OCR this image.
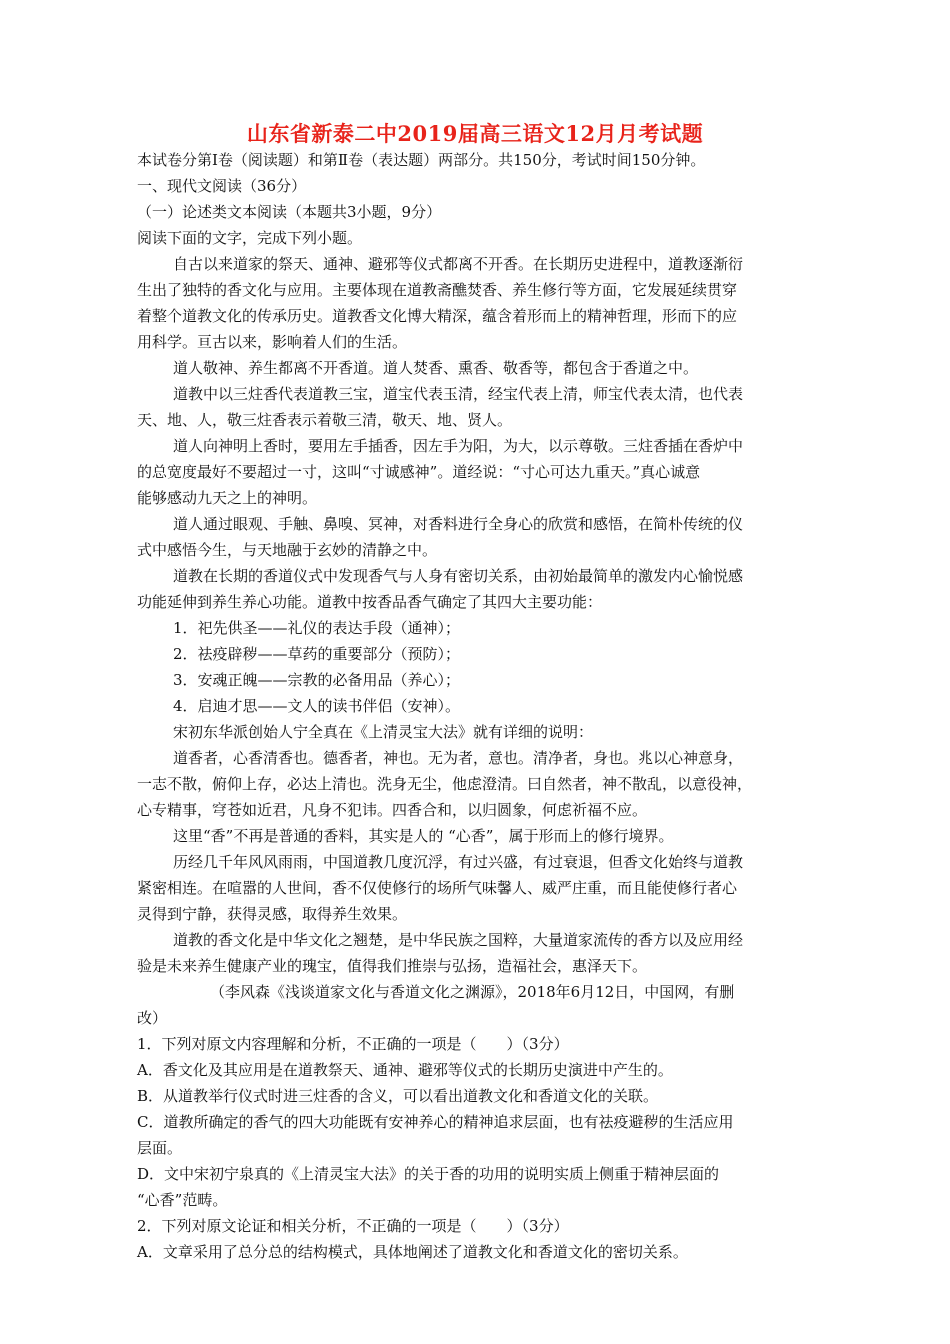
山东省新泰二中2019届高三语文12月月考试题
本试卷分第Ⅰ卷（阅读题）和第Ⅱ卷（表达题）两部分。共150分，考试时间150分钟。
一、现代文阅读（36分）
（一）论述类文本阅读（本题共3小题，9分）
阅读下面的文字，完成下列小题。
自古以来道家的祭天、通神、避邪等仪式都离不开香。在长期历史进程中，道教逐渐衍
生出了独特的香文化与应用。主要体现在道教斋醮焚香、养生修行等方面，它发展延续贯穿
着整个道教文化的传承历史。道教香文化博大精深，蕴含着形而上的精神哲理，形而下的应
用科学。亘古以来，影响着人们的生活。
道人敬神、养生都离不开香道。道人焚香、熏香、敬香等，都包含于香道之中。
道教中以三炷香代表道教三宝，道宝代表玉清，经宝代表上清，师宝代表太清，也代表
天、地、人，敬三炷香表示着敬三清，敬天、地、贤人。
道人向神明上香时，要用左手插香，因左手为阳，为大，以示尊敬。三炷香插在香炉中
的总宽度最好不要超过一寸，这叫“寸诚感神”。道经说：“寸心可达九重天。”真心诚意
能够感动九天之上的神明。
道人通过眼观、手触、鼻嗅、冥神，对香料进行全身心的欣赏和感悟，在简朴传统的仪
式中感悟今生，与天地融于玄妙的清静之中。
道教在长期的香道仪式中发现香气与人身有密切关系，由初始最简单的激发内心愉悦感
功能延伸到养生养心功能。道教中按香品香气确定了其四大主要功能：
1．祀先供圣——礼仪的表达手段（通神）；
2．祛疫辟秽——草药的重要部分（预防）；
3．安魂正魄——宗教的必备用品（养心）；
4．启迪才思——文人的读书伴侣（安神）。
宋初东华派创始人宁全真在《上清灵宝大法》就有详细的说明：
道香者，心香清香也。德香者，神也。无为者，意也。清净者，身也。兆以心神意身，
一志不散，俯仰上存，必达上清也。洗身无尘，他虑澄清。曰自然者，神不散乱，以意役神，
心专精事，穹苍如近君，凡身不犯讳。四香合和，以归圆象，何虑祈福不应。
这里“香”不再是普通的香料，其实是人的 “心香”，属于形而上的修行境界。
历经几千年风风雨雨，中国道教几度沉浮，有过兴盛，有过衰退，但香文化始终与道教
紧密相连。在喧嚣的人世间，香不仅使修行的场所气味馨人、威严庄重，而且能使修行者心
灵得到宁静，获得灵感，取得养生效果。
道教的香文化是中华文化之翘楚，是中华民族之国粹，大量道家流传的香方以及应用经
验是未来养生健康产业的瑰宝，值得我们推崇与弘扬，造福社会，惠泽天下。
（李风森《浅谈道家文化与香道文化之渊源》，2018年6月12日，中国网，有删
改）
1．下列对原文内容理解和分析，不正确的一项是（　　）（3分）
A．香文化及其应用是在道教祭天、通神、避邪等仪式的长期历史演进中产生的。
B．从道教举行仪式时进三炷香的含义，可以看出道教文化和香道文化的关联。
C．道教所确定的香气的四大功能既有安神养心的精神追求层面，也有祛疫避秽的生活应用
层面。
D．文中宋初宁泉真的《上清灵宝大法》的关于香的功用的说明实质上侧重于精神层面的
“心香”范畴。
2．下列对原文论证和相关分析，不正确的一项是（　　）（3分）
A．文章采用了总分总的结构模式，具体地阐述了道教文化和香道文化的密切关系。
